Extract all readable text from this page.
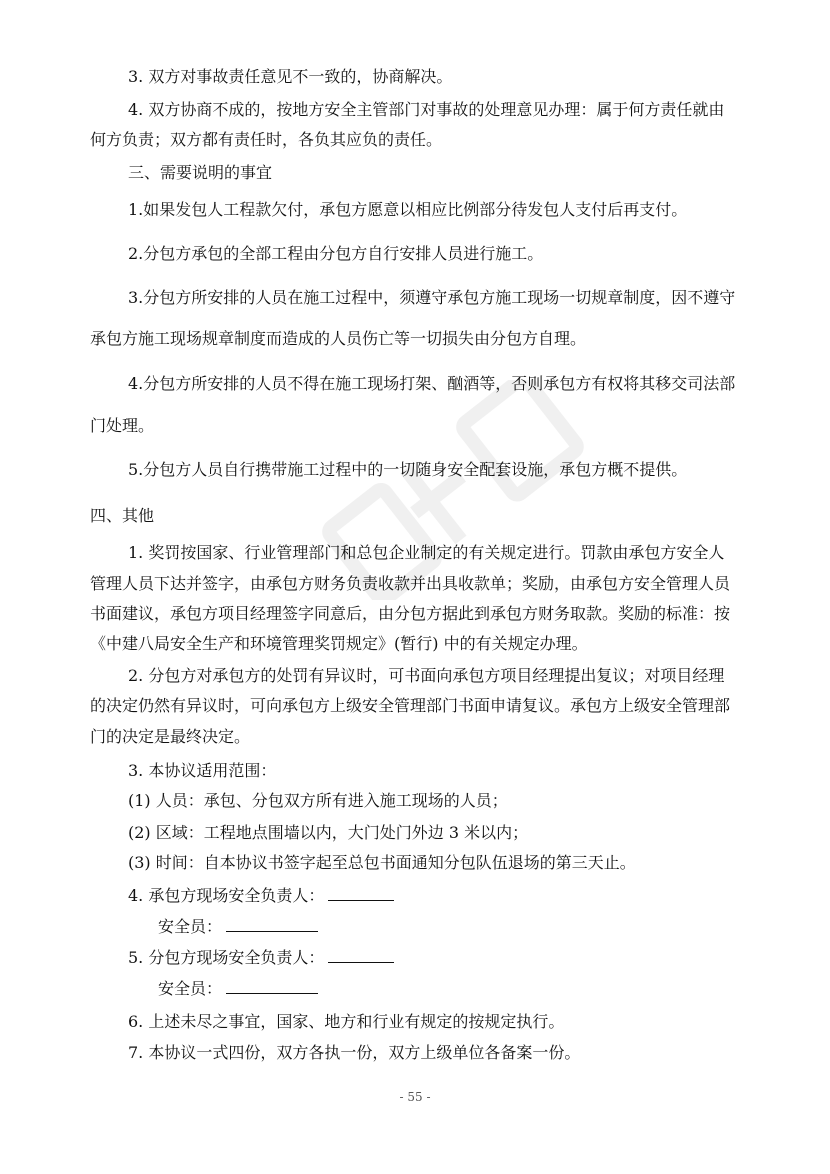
3. 双方对事故责任意见不一致的，协商解决。
4. 双方协商不成的，按地方安全主管部门对事故的处理意见办理：属于何方责任就由
何方负责；双方都有责任时，各负其应负的责任。
三、需要说明的事宜
1.如果发包人工程款欠付，承包方愿意以相应比例部分待发包人支付后再支付。
2.分包方承包的全部工程由分包方自行安排人员进行施工。
3.分包方所安排的人员在施工过程中，须遵守承包方施工现场一切规章制度，因不遵守
承包方施工现场规章制度而造成的人员伤亡等一切损失由分包方自理。
4.分包方所安排的人员不得在施工现场打架、酗酒等，否则承包方有权将其移交司法部
门处理。
5.分包方人员自行携带施工过程中的一切随身安全配套设施，承包方概不提供。
四、其他
1. 奖罚按国家、行业管理部门和总包企业制定的有关规定进行。罚款由承包方安全人
管理人员下达并签字，由承包方财务负责收款并出具收款单；奖励，由承包方安全管理人员
书面建议，承包方项目经理签字同意后，由分包方据此到承包方财务取款。奖励的标准：按
《中建八局安全生产和环境管理奖罚规定》(暂行) 中的有关规定办理。
2. 分包方对承包方的处罚有异议时，可书面向承包方项目经理提出复议；对项目经理
的决定仍然有异议时，可向承包方上级安全管理部门书面申请复议。承包方上级安全管理部
门的决定是最终决定。
3. 本协议适用范围：
(1) 人员：承包、分包双方所有进入施工现场的人员；
(2) 区域：工程地点围墙以内，大门处门外边 3 米以内；
(3) 时间：自本协议书签字起至总包书面通知分包队伍退场的第三天止。
4. 承包方现场安全负责人：
安全员：
5. 分包方现场安全负责人：
安全员：
6. 上述未尽之事宜，国家、地方和行业有规定的按规定执行。
7. 本协议一式四份，双方各执一份，双方上级单位各备案一份。
- 55 -
